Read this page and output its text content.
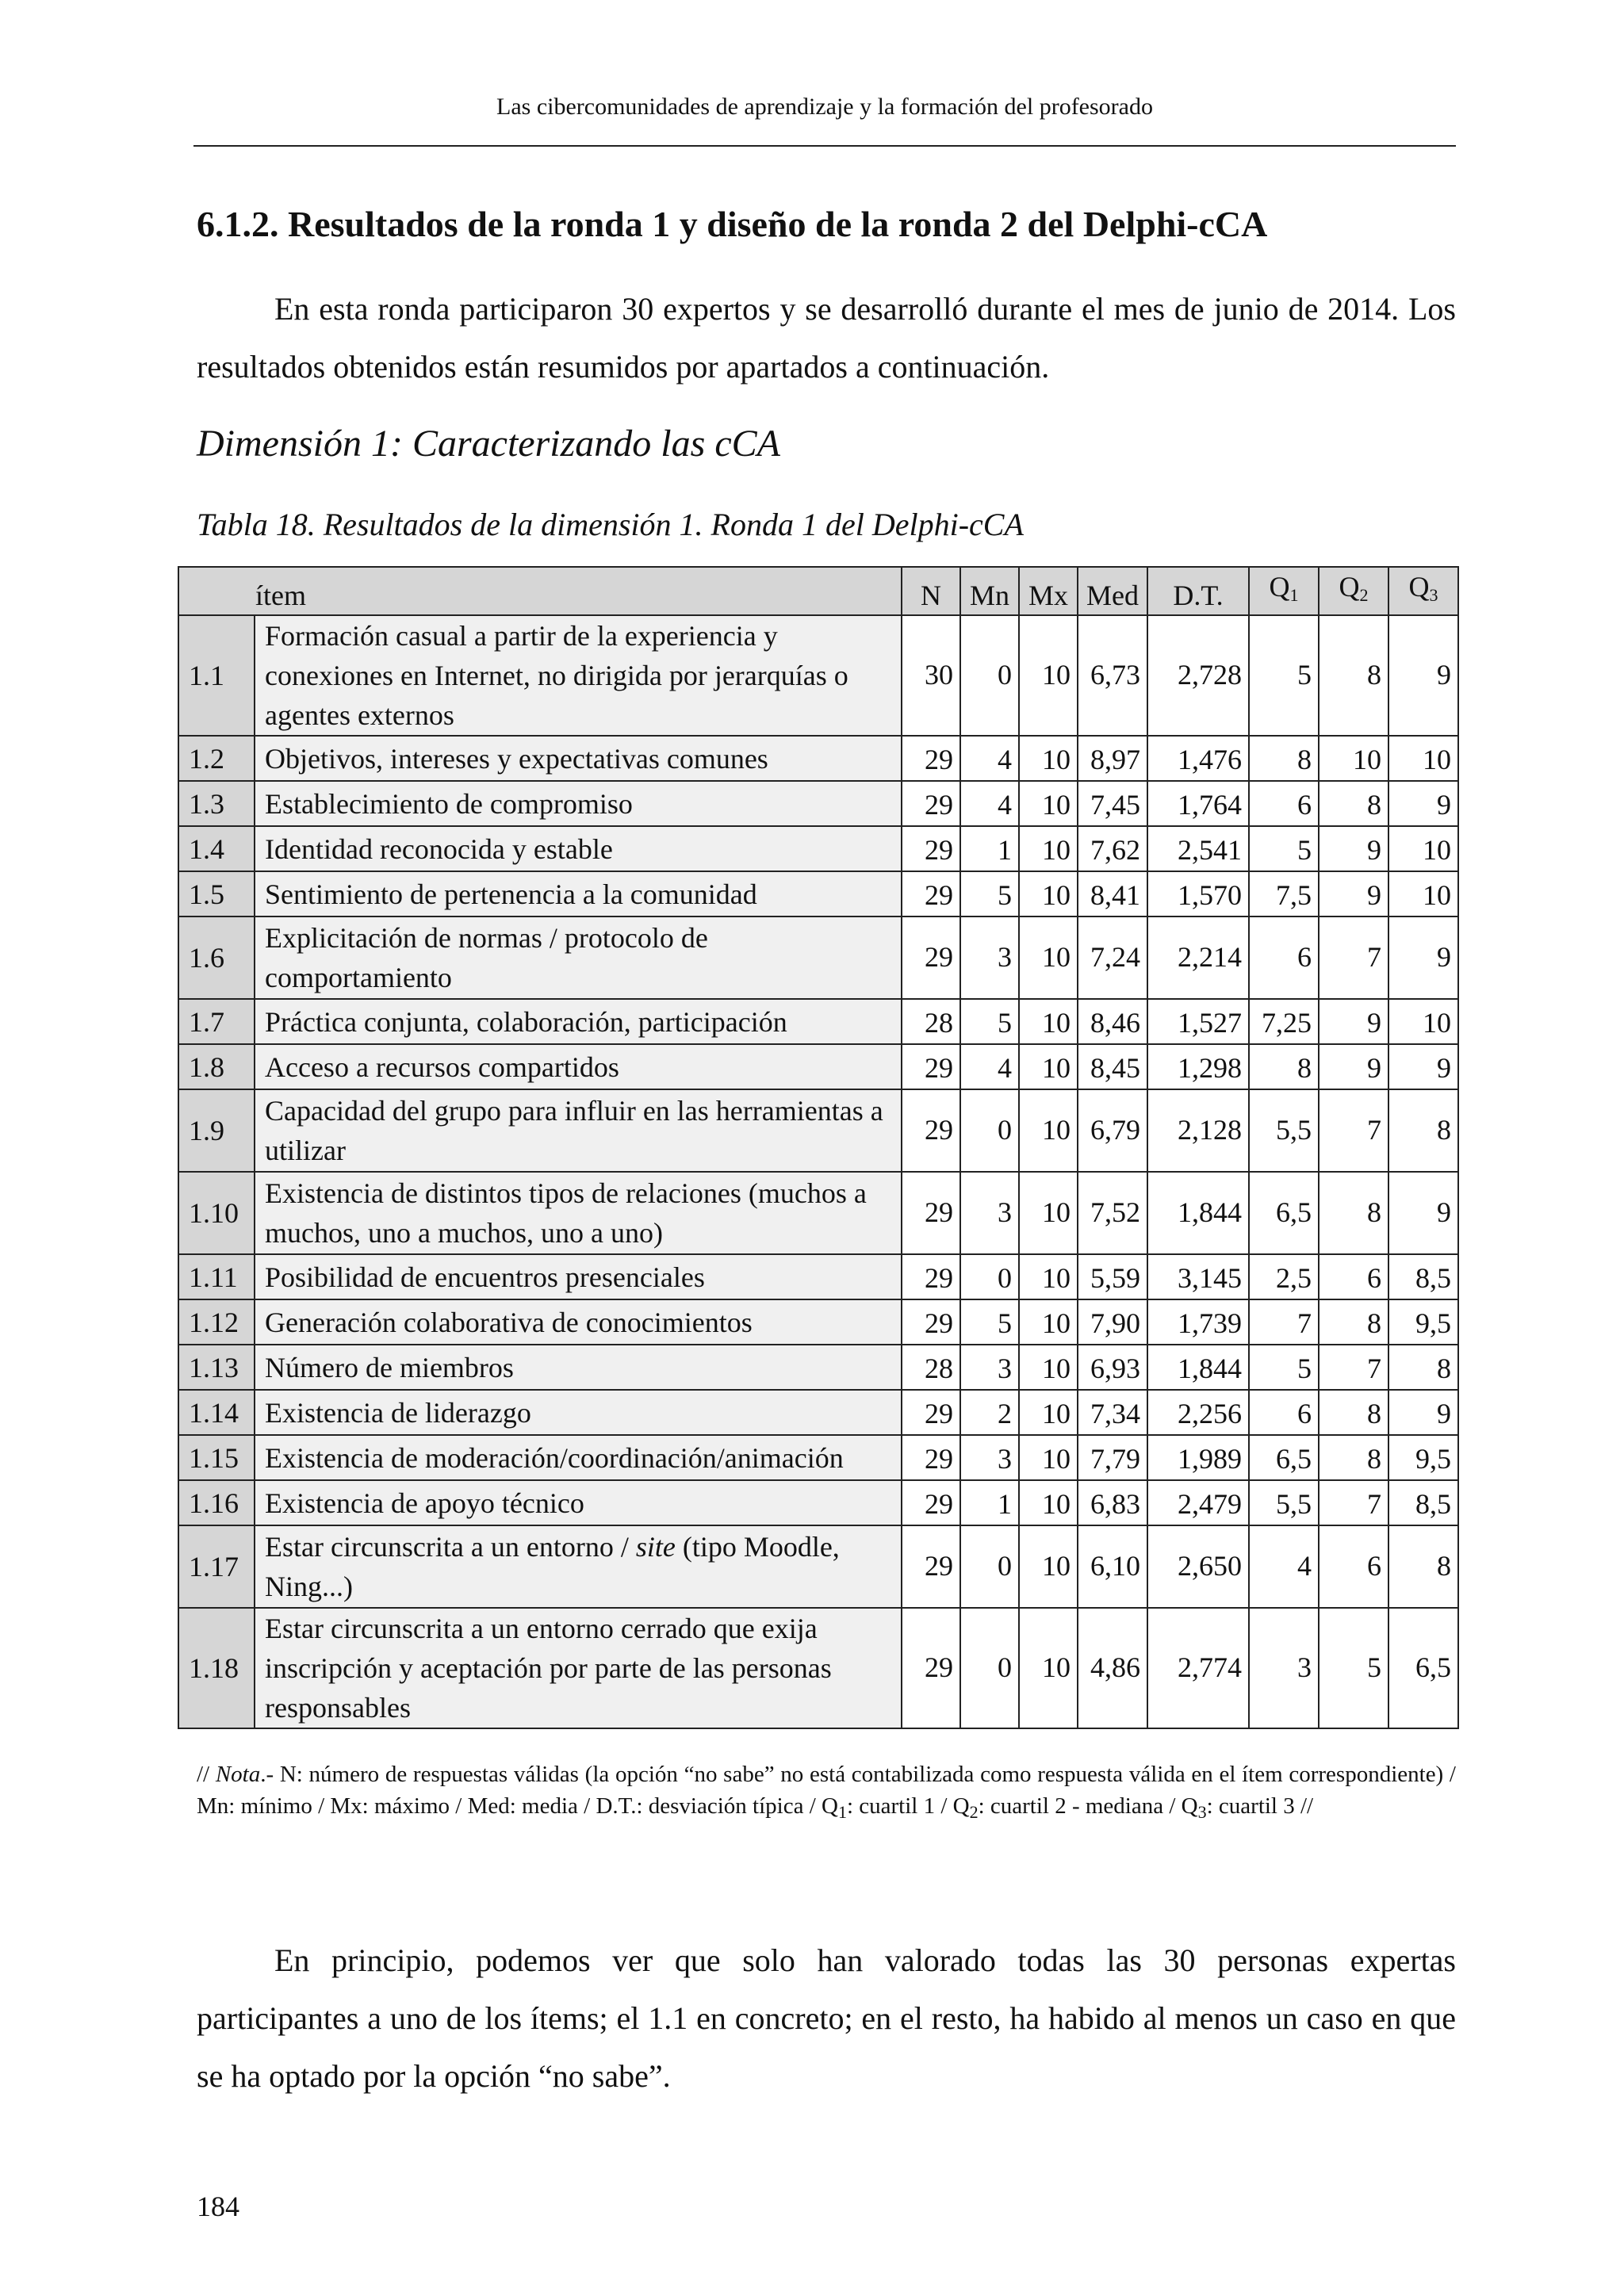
Las cibercomunidades de aprendizaje y la formación del profesorado
6.1.2. Resultados de la ronda 1 y diseño de la ronda 2 del Delphi-cCA

En esta ronda participaron 30 expertos y se desarrolló durante el mes de junio de 2014. Los resultados obtenidos están resumidos por apartados a continuación.

Dimensión 1: Caracterizando las cCA
Tabla 18. Resultados de la dimensión 1. Ronda 1 del Delphi-cCA
ítem		N	Mn	Mx	Med	D.T.	$Q_1$	$Q_2$	$Q_3$
1.1	Formación casual a partir de la experiencia y conexiones en Internet, no dirigida por jerarquías o agentes externos	30	0	10	6,73	2,728	5	8	9
1.2	Objetivos, intereses y expectativas comunes	29	4	10	8,97	1,476	8	10	10
1.3	Establecimiento de compromiso	29	4	10	7,45	1,764	6	8	9
1.4	Identidad reconocida y estable	29	1	10	7,62	2,541	5	9	10
1.5	Sentimiento de pertenencia a la comunidad	29	5	10	8,41	1,570	7,5	9	10
1.6	Explicitación de normas / protocolo de comportamiento	29	3	10	7,24	2,214	6	7	9
1.7	Práctica conjunta, colaboración, participación	28	5	10	8,46	1,527	7,25	9	10
1.8	Acceso a recursos compartidos	29	4	10	8,45	1,298	8	9	9
1.9	Capacidad del grupo para influir en las herramientas a utilizar	29	0	10	6,79	2,128	5,5	7	8
1.10	Existencia de distintos tipos de relaciones (muchos a muchos, uno a muchos, uno a uno)	29	3	10	7,52	1,844	6,5	8	9
1.11	Posibilidad de encuentros presenciales	29	0	10	5,59	3,145	2,5	6	8,5
1.12	Generación colaborativa de conocimientos	29	5	10	7,90	1,739	7	8	9,5
1.13	Número de miembros	28	3	10	6,93	1,844	5	7	8
1.14	Existencia de liderazgo	29	2	10	7,34	2,256	6	8	9
1.15	Existencia de moderación/coordinación/animación	29	3	10	7,79	1,989	6,5	8	9,5
1.16	Existencia de apoyo técnico	29	1	10	6,83	2,479	5,5	7	8,5
1.17	Estar circunscrita a un entorno / site (tipo Moodle, Ning...)	29	0	10	6,10	2,650	4	6	8
1.18	Estar circunscrita a un entorno cerrado que exija inscripción y aceptación por parte de las personas responsables	29	0	10	4,86	2,774	3	5	6,5

// Nota.- N: número de respuestas válidas (la opción “no sabe” no está contabilizada como respuesta válida en el ítem correspondiente) / Mn: mínimo / Mx: máximo / Med: media / D.T.: desviación típica / $Q_1$: cuartil $1 / Q_2$: cuartil 2 - mediana / $Q_3$: cuartil 3 //

En principio, podemos ver que solo han valorado todas las 30 personas expertas participantes a uno de los ítems; el 1.1 en concreto; en el resto, ha habido al menos un caso en que se ha optado por la opción “no sabe”.

184
